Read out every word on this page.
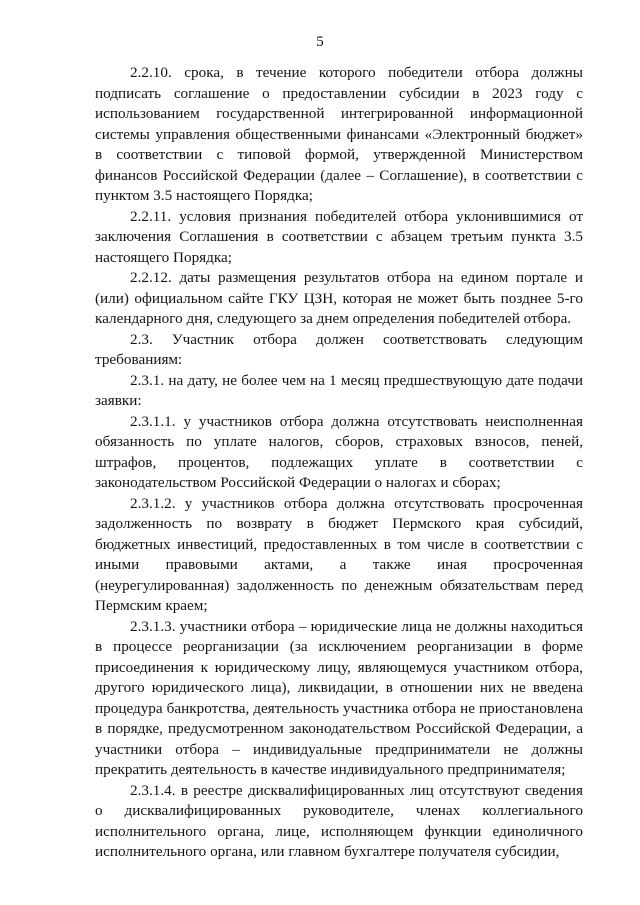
5

2.2.10. срока, в течение которого победители отбора должны подписать соглашение о предоставлении субсидии в 2023 году с использованием государственной интегрированной информационной системы управления общественными финансами «Электронный бюджет» в соответствии с типовой формой, утвержденной Министерством финансов Российской Федерации (далее – Соглашение), в соответствии с пунктом 3.5 настоящего Порядка;

2.2.11. условия признания победителей отбора уклонившимися от заключения Соглашения в соответствии с абзацем третьим пункта 3.5 настоящего Порядка;

2.2.12. даты размещения результатов отбора на едином портале и (или) официальном сайте ГКУ ЦЗН, которая не может быть позднее 5-го календарного дня, следующего за днем определения победителей отбора.

2.3. Участник отбора должен соответствовать следующим требованиям:

2.3.1. на дату, не более чем на 1 месяц предшествующую дате подачи заявки:

2.3.1.1. у участников отбора должна отсутствовать неисполненная обязанность по уплате налогов, сборов, страховых взносов, пеней, штрафов, процентов, подлежащих уплате в соответствии с законодательством Российской Федерации о налогах и сборах;

2.3.1.2. у участников отбора должна отсутствовать просроченная задолженность по возврату в бюджет Пермского края субсидий, бюджетных инвестиций, предоставленных в том числе в соответствии с иными правовыми актами, а также иная просроченная (неурегулированная) задолженность по денежным обязательствам перед Пермским краем;

2.3.1.3. участники отбора – юридические лица не должны находиться в процессе реорганизации (за исключением реорганизации в форме присоединения к юридическому лицу, являющемуся участником отбора, другого юридического лица), ликвидации, в отношении них не введена процедура банкротства, деятельность участника отбора не приостановлена в порядке, предусмотренном законодательством Российской Федерации, а участники отбора – индивидуальные предприниматели не должны прекратить деятельность в качестве индивидуального предпринимателя;

2.3.1.4. в реестре дисквалифицированных лиц отсутствуют сведения о дисквалифицированных руководителе, членах коллегиального исполнительного органа, лице, исполняющем функции единоличного исполнительного органа, или главном бухгалтере получателя субсидии,
